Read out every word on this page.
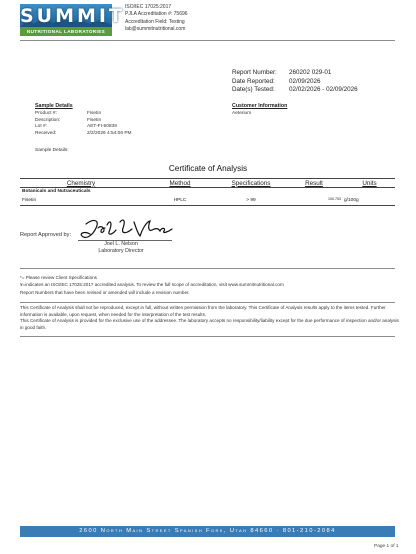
SUMMIT
NUTRITIONAL LABORATORIES
ISO/IEC 17025:2017
PJLA Accreditation #: 75696
Accreditation Field: Testing
lab@summitnutritional.com
Report Number:	260202 029-01
Date Reported:	02/09/2026
Date(s) Tested:	02/02/2026 - 02/09/2026
Sample Details
Product #:	Fisetin
Description:	Fisetin
Lot #:	AET-FI-50839
Received:	2/2/2026 4:54:06 PM
Sample Details:
Customer Information
Aeterium
Certificate of Analysis
Chemistry	Method	Specifications	Result	Units
Botanicals and Nutraceuticals				
Fisetin	HPLC	> 99	$^{100.753}$	g/100g
Report Approved by:
Joel L. Nelson
Laboratory Director
*= Please review Client Specifications
¥=indicates an ISO/IEC 17025:2017 accredited analysis. To review the full scope of accreditation, visit www.summitnutritional.com
Report Numbers that have been revised or amended will include a revision number.

This Certificate of Analysis shall not be reproduced, except in full, without written permission from the laboratory. This Certificate of Analysis results apply to the items tested. Further information is available, upon request, when needed for the interpretation of the test results.

This Certificate of Analysis is provided for the exclusive use of the addressee. The laboratory accepts no responsibility/liability except for the due performance of inspection and/or analysis in good faith.

2600 North Main Street Spanish Fork, Utah 84660 · 801-210-2084
Page 1 of 1
